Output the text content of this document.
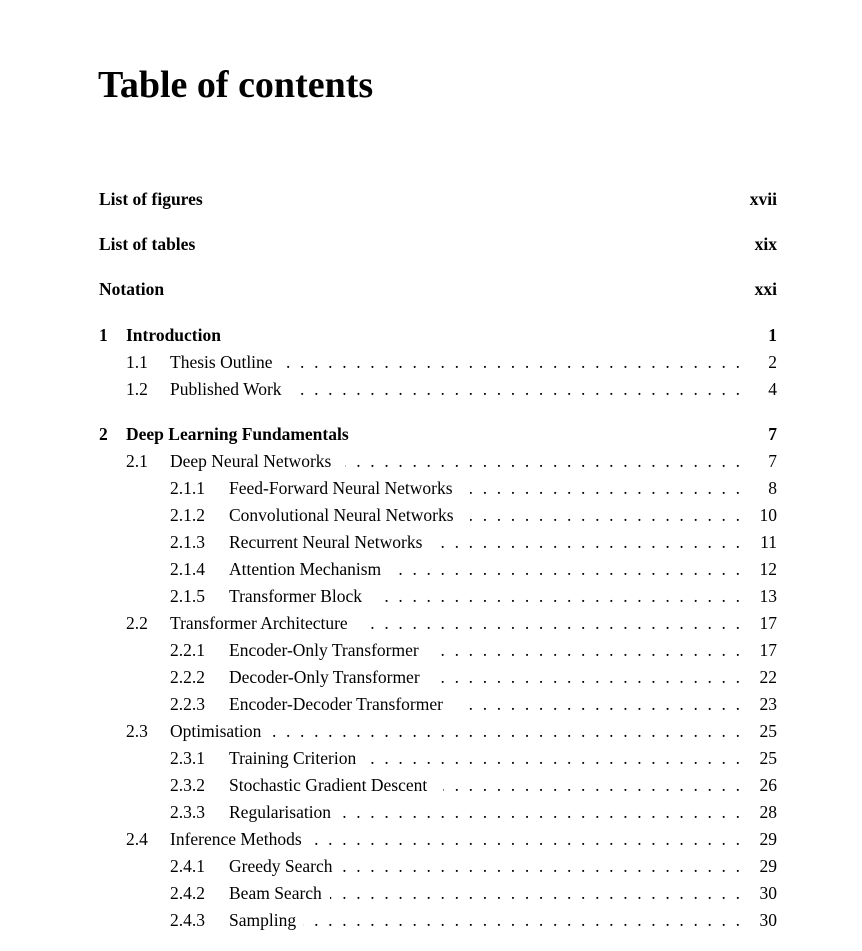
Table of contents
List of figures	xvii
List of tables	xix
Notation	xxi
1 Introduction	1
1.1 Thesis Outline . . .	2
1.2 Published Work . . .	4
2 Deep Learning Fundamentals	7
2.1 Deep Neural Networks . . .	7
2.1.1 Feed-Forward Neural Networks . . .	8
2.1.2 Convolutional Neural Networks . . .	10
2.1.3 Recurrent Neural Networks . . .	11
2.1.4 Attention Mechanism . . .	12
2.1.5 Transformer Block . . .	13
2.2 Transformer Architecture . . .	17
2.2.1 Encoder-Only Transformer . . .	17
2.2.2 Decoder-Only Transformer . . .	22
2.2.3 Encoder-Decoder Transformer . . .	23
2.3 Optimisation . . .	25
2.3.1 Training Criterion . . .	25
2.3.2 Stochastic Gradient Descent . . .	26
2.3.3 Regularisation . . .	28
2.4 Inference Methods . . .	29
2.4.1 Greedy Search . . .	29
2.4.2 Beam Search . . .	30
2.4.3 Sampling . . .	30
